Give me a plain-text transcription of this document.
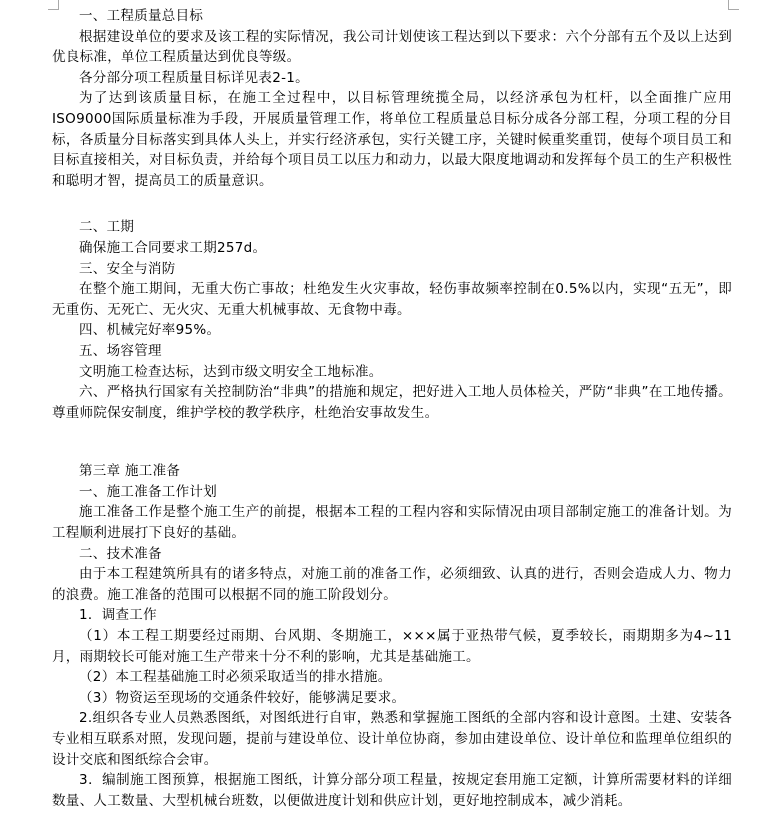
一、工程质量总目标

根据建设单位的要求及该工程的实际情况，我公司计划使该工程达到以下要求：六个分部有五个及以上达到优良标准，单位工程质量达到优良等级。

各分部分项工程质量目标详见表2-1。

为了达到该质量目标，在施工全过程中，以目标管理统揽全局，以经济承包为杠杆，以全面推广应用ISO9000国际质量标准为手段，开展质量管理工作，将单位工程质量总目标分成各分部工程，分项工程的分目标，各质量分目标落实到具体人头上，并实行经济承包，实行关键工序，关键时候重奖重罚，使每个项目员工和目标直接相关，对目标负责，并给每个项目员工以压力和动力，以最大限度地调动和发挥每个员工的生产积极性和聪明才智，提高员工的质量意识。

二、工期

确保施工合同要求工期257d。

三、安全与消防

在整个施工期间，无重大伤亡事故；杜绝发生火灾事故，轻伤事故频率控制在0.5%以内，实现“五无”，即无重伤、无死亡、无火灾、无重大机械事故、无食物中毒。

四、机械完好率95%。

五、场容管理

文明施工检查达标，达到市级文明安全工地标准。

六、严格执行国家有关控制防治“非典”的措施和规定，把好进入工地人员体检关，严防“非典”在工地传播。尊重师院保安制度，维护学校的教学秩序，杜绝治安事故发生。

第三章 施工准备

一、施工准备工作计划

施工准备工作是整个施工生产的前提，根据本工程的工程内容和实际情况由项目部制定施工的准备计划。为工程顺利进展打下良好的基础。

二、技术准备

由于本工程建筑所具有的诸多特点，对施工前的准备工作，必须细致、认真的进行，否则会造成人力、物力的浪费。施工准备的范围可以根据不同的施工阶段划分。

1．调查工作

（1）本工程工期要经过雨期、台风期、冬期施工，×××属于亚热带气候，夏季较长，雨期期多为4~11月，雨期较长可能对施工生产带来十分不利的影响，尤其是基础施工。

（2）本工程基础施工时必须采取适当的排水措施。

（3）物资运至现场的交通条件较好，能够满足要求。

2.组织各专业人员熟悉图纸，对图纸进行自审，熟悉和掌握施工图纸的全部内容和设计意图。土建、安装各专业相互联系对照，发现问题，提前与建设单位、设计单位协商，参加由建设单位、设计单位和监理单位组织的设计交底和图纸综合会审。

3．编制施工图预算，根据施工图纸，计算分部分项工程量，按规定套用施工定额，计算所需要材料的详细数量、人工数量、大型机械台班数，以便做进度计划和供应计划，更好地控制成本，减少消耗。
